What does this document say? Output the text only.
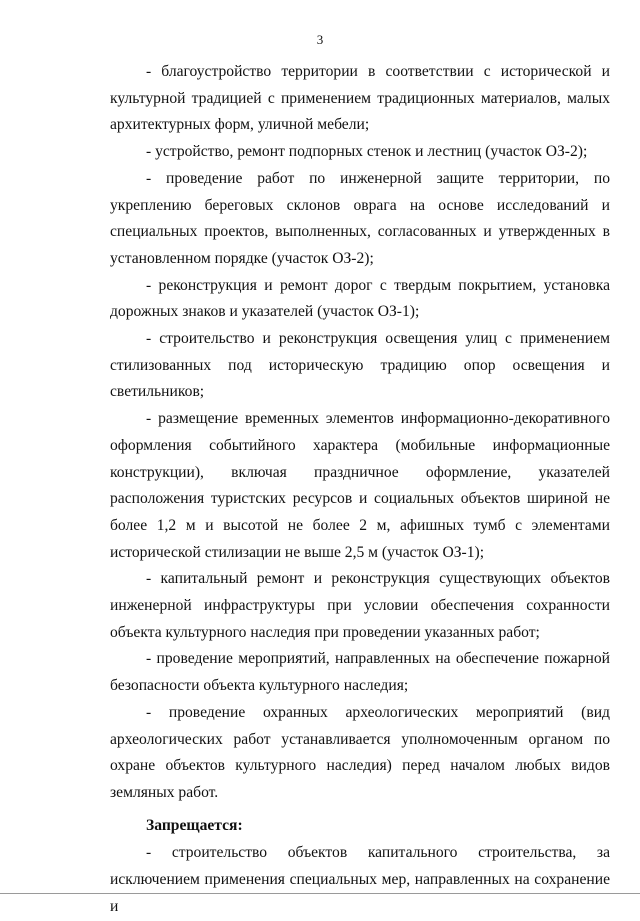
3

- благоустройство территории в соответствии с исторической и культурной традицией с применением традиционных материалов, малых архитектурных форм, уличной мебели;

- устройство, ремонт подпорных стенок и лестниц (участок ОЗ-2);

- проведение работ по инженерной защите территории, по укреплению береговых склонов оврага на основе исследований и специальных проектов, выполненных, согласованных и утвержденных в установленном порядке (участок ОЗ-2);

- реконструкция и ремонт дорог с твердым покрытием, установка дорожных знаков и указателей (участок ОЗ-1);

- строительство и реконструкция освещения улиц с применением стилизованных под историческую традицию опор освещения и светильников;

- размещение временных элементов информационно-декоративного оформления событийного характера (мобильные информационные конструкции), включая праздничное оформление, указателей расположения туристских ресурсов и социальных объектов шириной не более 1,2 м и высотой не более 2 м, афишных тумб с элементами исторической стилизации не выше 2,5 м (участок ОЗ-1);

- капитальный ремонт и реконструкция существующих объектов инженерной инфраструктуры при условии обеспечения сохранности объекта культурного наследия при проведении указанных работ;

- проведение мероприятий, направленных на обеспечение пожарной безопасности объекта культурного наследия;

- проведение охранных археологических мероприятий (вид археологических работ устанавливается уполномоченным органом по охране объектов культурного наследия) перед началом любых видов земляных работ.

Запрещается:

- строительство объектов капитального строительства, за исключением применения специальных мер, направленных на сохранение и
